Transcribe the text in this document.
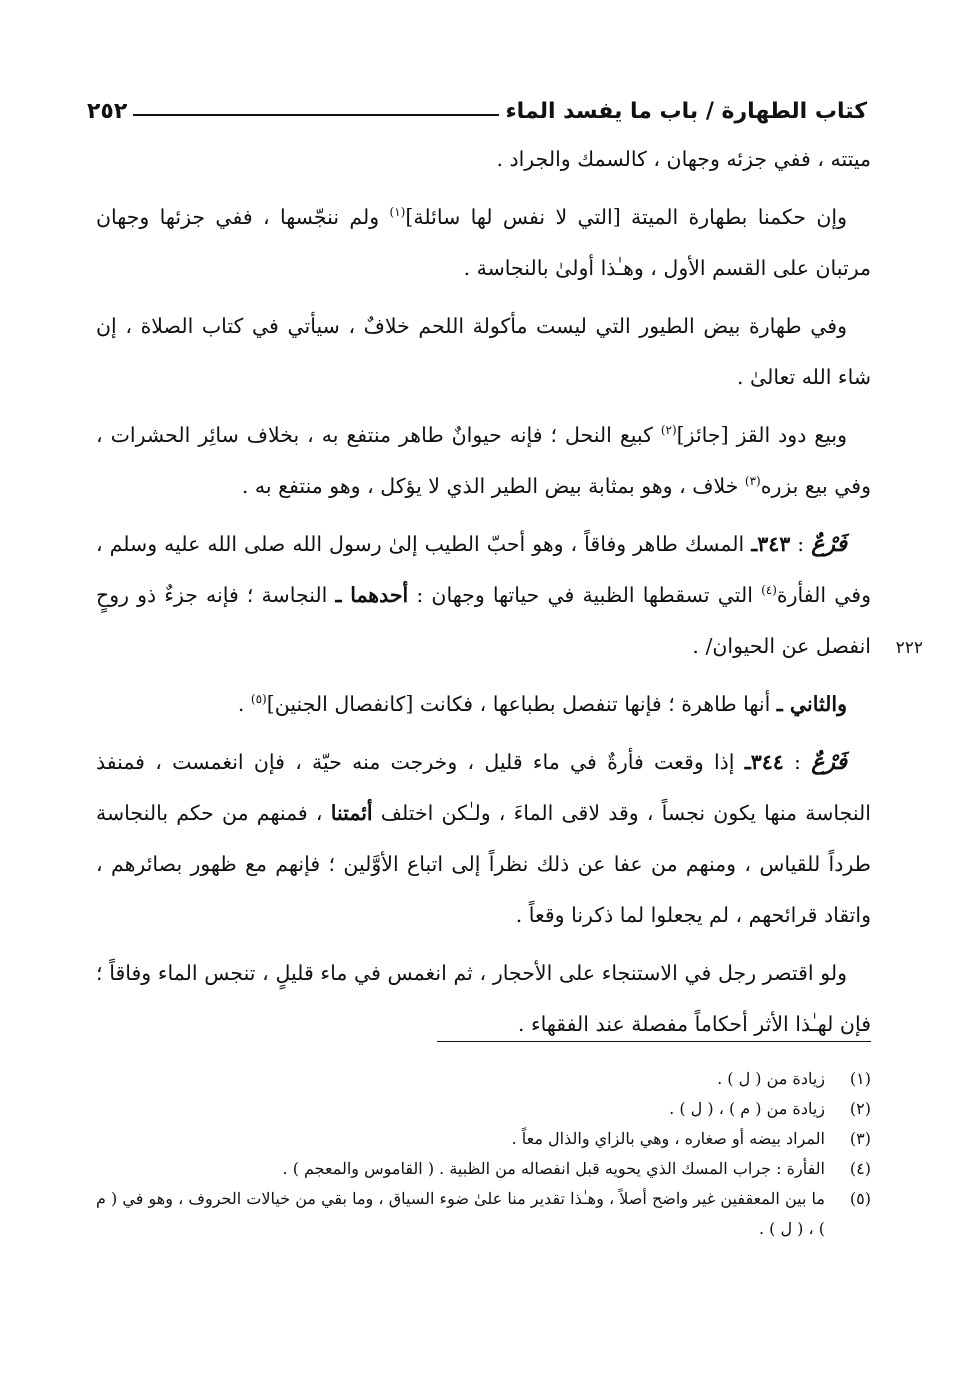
كتاب الطهارة / باب ما يفسد الماء
٢٥٢
٢٢٢

ميتته ، ففي جزئه وجهان ، كالسمك والجراد .

وإن حكمنا بطهارة الميتة [التي لا نفس لها سائلة]$^{(١)}$ ولم ننجّسها ، ففي جزئها وجهان مرتبان على القسم الأول ، وهـٰذا أولىٰ بالنجاسة .

وفي طهارة بيض الطيور التي ليست مأكولة اللحم خلافٌ ، سيأتي في كتاب الصلاة ، إن شاء الله تعالىٰ .

وبيع دود القز [جائز]$^{(٢)}$ كبيع النحل ؛ فإنه حيوانٌ طاهر منتفع به ، بخلاف سائِر الحشرات ، وفي بيع بزره$^{(٣)}$ خلاف ، وهو بمثابة بيض الطير الذي لا يؤكل ، وهو منتفع به .

فَرْعٌ : ٣٤٣ـ المسك طاهر وفاقاً ، وهو أحبّ الطيب إلىٰ رسول الله صلى الله عليه وسلم ، وفي الفأرة$^{(٤)}$ التي تسقطها الظبية في حياتها وجهان : أحدهما ـ النجاسة ؛ فإنه جزءٌ ذو روحٍ انفصل عن الحيوان/ .

والثاني ـ أنها طاهرة ؛ فإنها تنفصل بطباعها ، فكانت [كانفصال الجنين]$^{(٥)}$ .

فَرْعٌ : ٣٤٤ـ إذا وقعت فأرةٌ في ماء قليل ، وخرجت منه حيّة ، فإن انغمست ، فمنفذ النجاسة منها يكون نجساً ، وقد لاقى الماءَ ، ولـٰكن اختلف أئمتنا ، فمنهم من حكم بالنجاسة طرداً للقياس ، ومنهم من عفا عن ذلك نظراً إلى اتباع الأوَّلين ؛ فإنهم مع ظهور بصائرهم ، واتقاد قرائحهم ، لم يجعلوا لما ذكرنا وقعاً .

ولو اقتصر رجل في الاستنجاء على الأحجار ، ثم انغمس في ماء قليلٍ ، تنجس الماء وفاقاً ؛ فإن لهـٰذا الأثر أحكاماً مفصلة عند الفقهاء .

(١)
زيادة من ( ل ) .
(٢)
زيادة من ( م ) ، ( ل ) .
(٣)
المراد بيضه أو صغاره ، وهي بالزاي والذال معاً .
(٤)
الفأرة : جراب المسك الذي يحويه قبل انفصاله من الظبية . ( القاموس والمعجم ) .
(٥)
ما بين المعقفين غير واضح أصلاً ، وهـٰذا تقدير منا علىٰ ضوء السياق ، وما بقي من خيالات الحروف ، وهو في ( م ) ، ( ل ) .
